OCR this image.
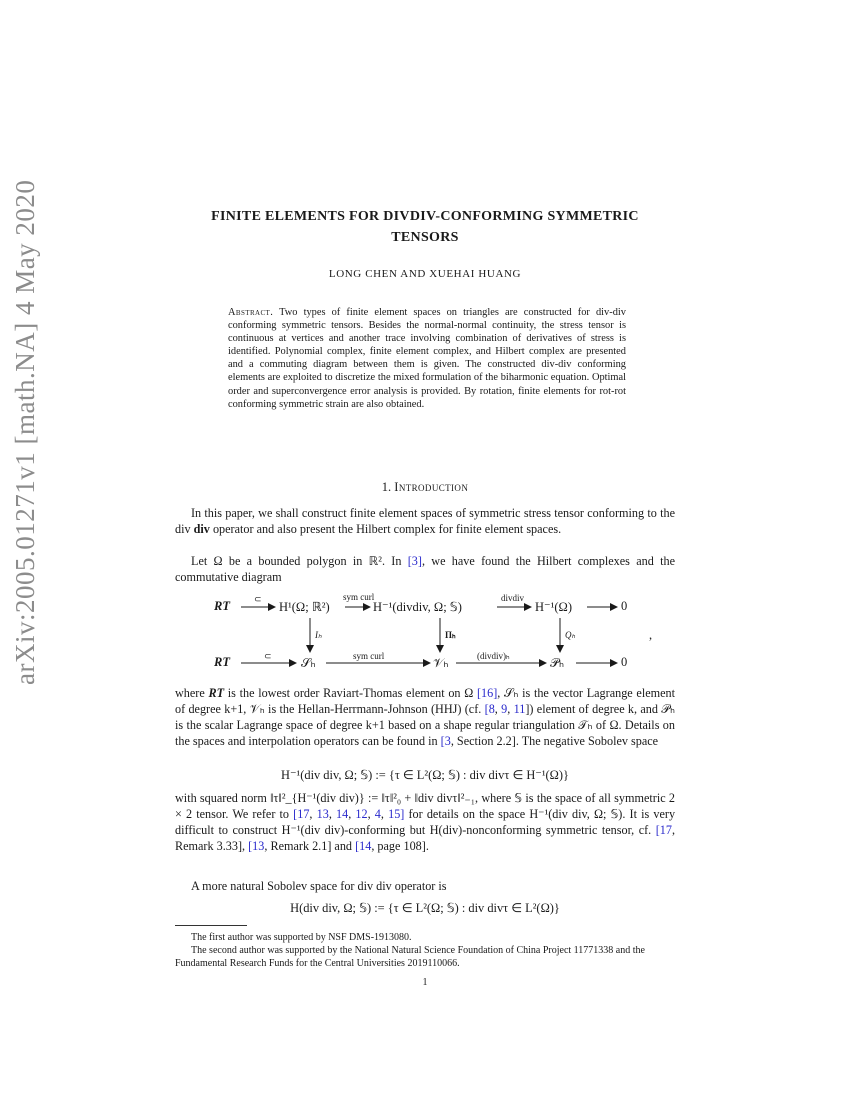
arXiv:2005.01271v1 [math.NA] 4 May 2020	FINITE ELEMENTS FOR DIVDIV-CONFORMING SYMMETRIC
TENSORS
LONG CHEN AND XUEHAI HUANG
Abstract. Two types of finite element spaces on triangles are constructed for div-div conforming symmetric tensors. Besides the normal-normal continuity, the stress tensor is continuous at vertices and another trace involving combination of derivatives of stress is identified. Polynomial complex, finite element complex, and Hilbert complex are presented and a commuting diagram between them is given. The constructed div-div conforming elements are exploited to discretize the mixed formulation of the biharmonic equation. Optimal order and superconvergence error analysis is provided. By rotation, finite elements for rot-rot conforming symmetric strain are also obtained.
1. Introduction
In this paper, we shall construct finite element spaces of symmetric stress tensor conforming to the div div operator and also present the Hilbert complex for finite element spaces.
Let Ω be a bounded polygon in ℝ². In [3], we have found the Hilbert complexes and the commutative diagram
RT	H¹(Ω; ℝ²)	H⁻¹(divdiv, Ω; 𝕊)	H⁻¹(Ω)	0
RT	𝒮ₕ	𝒱ₕ	𝒫ₕ	0
⊂	sym curl	divdiv
⊂	sym curl	(divdiv)ₕ
Iₕ	Πₕ	Qₕ	,
where RT is the lowest order Raviart-Thomas element on Ω [16], 𝒮ₕ is the vector Lagrange element of degree k+1, 𝒱ₕ is the Hellan-Herrmann-Johnson (HHJ) (cf. [8, 9, 11]) element of degree k, and 𝒫ₕ is the scalar Lagrange space of degree k+1 based on a shape regular triangulation 𝒯ₕ of Ω. Details on the spaces and interpolation operators can be found in [3, Section 2.2]. The negative Sobolev space
H⁻¹(div div, Ω; 𝕊) := {τ ∈ L²(Ω; 𝕊) : div divτ ∈ H⁻¹(Ω)}
with squared norm ‖τ‖²_{H⁻¹(div div)} := ‖τ‖²₀ + ‖div divτ‖²₋₁, where 𝕊 is the space of all symmetric 2 × 2 tensor. We refer to [17, 13, 14, 12, 4, 15] for details on the space H⁻¹(div div, Ω; 𝕊). It is very difficult to construct H⁻¹(div div)-conforming but H(div)-nonconforming symmetric tensor, cf. [17, Remark 3.33], [13, Remark 2.1] and [14, page 108].
A more natural Sobolev space for div div operator is
H(div div, Ω; 𝕊) := {τ ∈ L²(Ω; 𝕊) : div divτ ∈ L²(Ω)}
The first author was supported by NSF DMS-1913080.
The second author was supported by the National Natural Science Foundation of China Project 11771338 and the Fundamental Research Funds for the Central Universities 2019110066.
1
